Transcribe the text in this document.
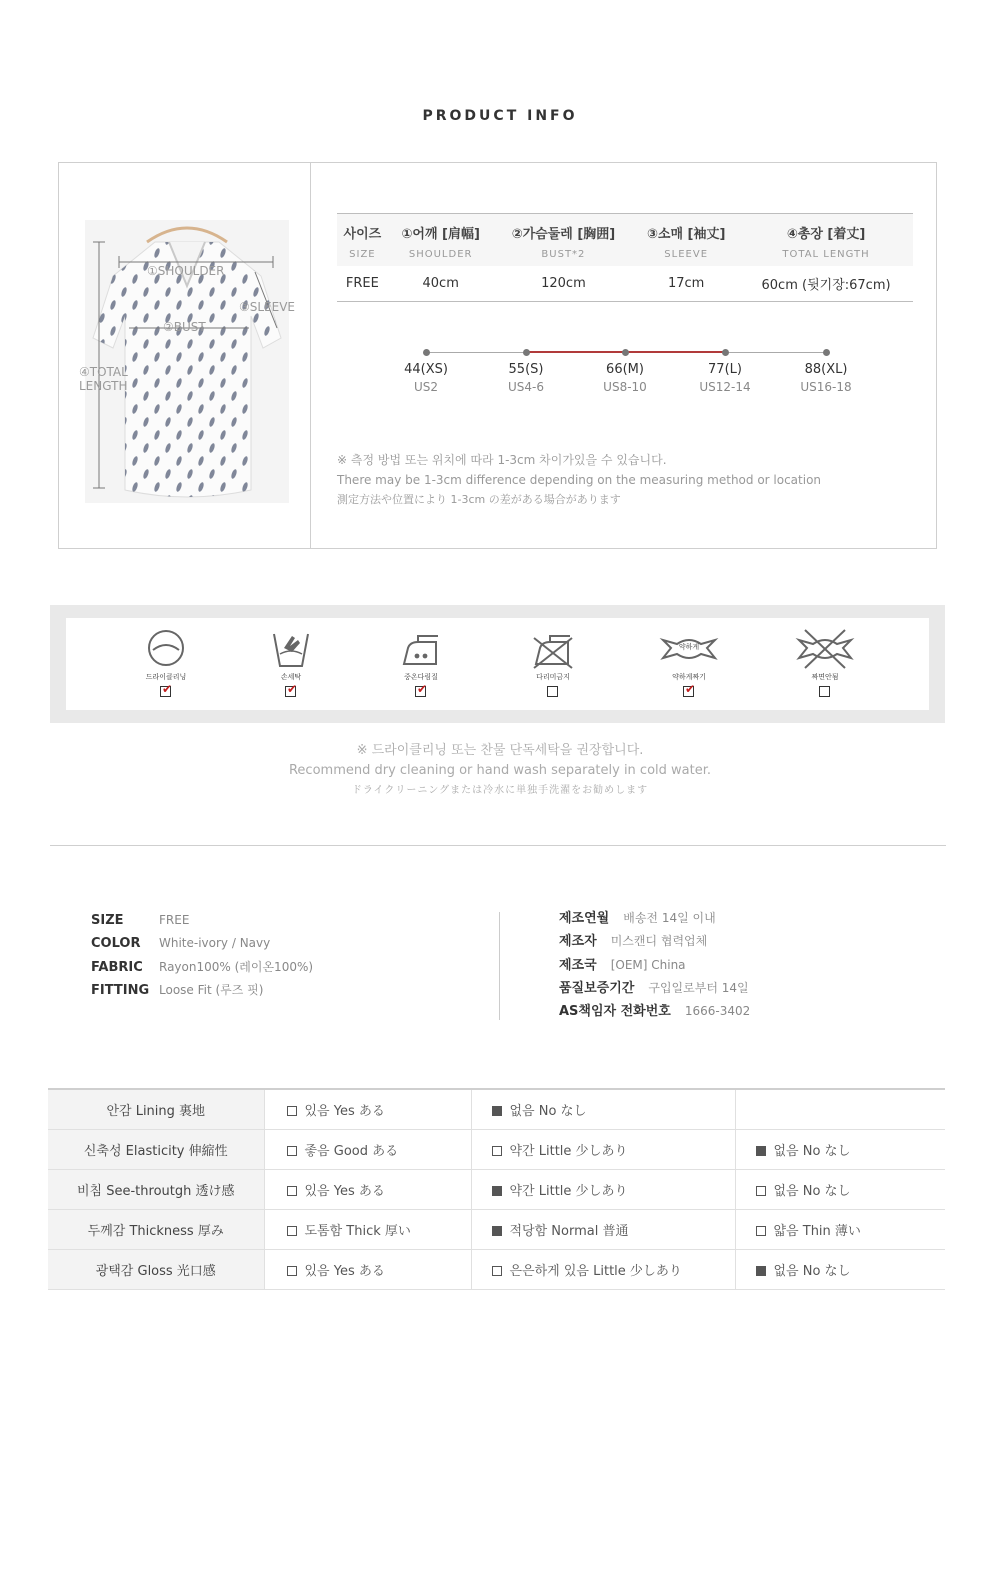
PRODUCT INFO
①SHOULDER
②BUST
③SLEEVE
④TOTAL
LENGTH
사이즈	①어깨 [肩幅]	②가슴둘레 [胸囲]	③소매 [袖丈]	④총장 [着丈]
SIZE	SHOULDER	BUST*2	SLEEVE	TOTAL LENGTH
FREE	40cm	120cm	17cm	60cm (뒷기장:67cm)
44(XS)
US2
55(S)
US4-6
66(M)
US8-10
77(L)
US12-14
88(XL)
US16-18
※ 측정 방법 또는 위치에 따라 1-3cm 차이가있을 수 있습니다.
There may be 1-3cm difference depending on the measuring method or location
測定方法や位置により 1-3cm の差がある場合があります
드라이클리닝
✔
손세탁
✔
중온다림질
✔
다리미금지
약하게
약하게짜기
✔
짜면안됨
※ 드라이클리닝 또는 찬물 단독세탁을 권장합니다.
Recommend dry cleaning or hand wash separately in cold water.
ドライクリーニングまたは冷水に単独手洗濯をお勧めします
SIZE	FREE
COLOR White-ivory / Navy
FABRIC Rayon100% (레이온100%)
FITTING Loose Fit (루즈 핏)
제조연월 배송전 14일 이내
제조자 미스캔디 협력업체
제조국 [OEM] China
품질보증기간 구입일로부터 14일
AS책임자 전화번호 1666-3402
안감 Lining 裏地	있음 Yes ある	없음 No なし	
신축성 Elasticity 伸縮性	좋음 Good ある	약간 Little 少しあり	없음 No なし
비침 See-throutgh 透け感	있음 Yes ある	약간 Little 少しあり	없음 No なし
두께감 Thickness 厚み	도톰함 Thick 厚い	적당함 Normal 普通	얇음 Thin 薄い
광택감 Gloss 光口感	있음 Yes ある	은은하게 있음 Little 少しあり	없음 No なし
